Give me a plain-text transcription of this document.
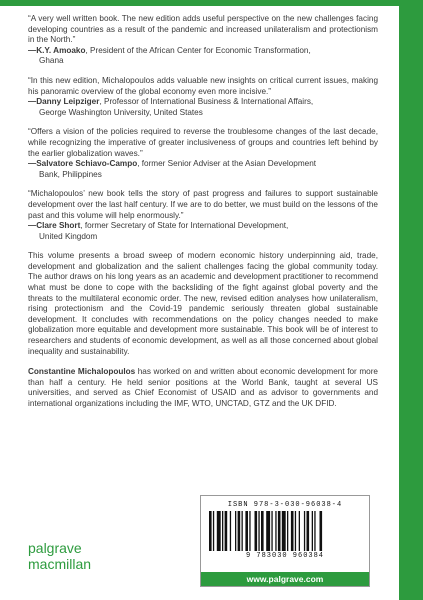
“A very well written book. The new edition adds useful perspective on the new challenges facing developing countries as a result of the pandemic and increased unilateralism and protectionism in the North.”
—K.Y. Amoako, President of the African Center for Economic Transformation,
Ghana
“In this new edition, Michalopoulos adds valuable new insights on critical current issues, making his panoramic overview of the global economy even more incisive.”
—Danny Leipziger, Professor of International Business & International Affairs,
George Washington University, United States
“Offers a vision of the policies required to reverse the troublesome changes of the last decade, while recognizing the imperative of greater inclusiveness of groups and countries left behind by the earlier globalization waves.”
—Salvatore Schiavo-Campo, former Senior Adviser at the Asian Development
Bank, Philippines
“Michalopoulos’ new book tells the story of past progress and failures to support sustainable development over the last half century. If we are to do better, we must build on the lessons of the past and this volume will help enormously.”
—Clare Short, former Secretary of State for International Development,
United Kingdom

This volume presents a broad sweep of modern economic history underpinning aid, trade, development and globalization and the salient challenges facing the global community today. The author draws on his long years as an academic and development practitioner to recommend what must be done to cope with the backsliding of the fight against global poverty and the threats to the multilateral economic order. The new, revised edition analyses how unilateralism, rising protectionism and the Covid-19 pandemic seriously threaten global sustainable development. It concludes with recommendations on the policy changes needed to make globalization more equitable and development more sustainable. This book will be of interest to researchers and students of economic development, as well as all those concerned about global inequality and sustainability.

Constantine Michalopoulos has worked on and written about economic development for more than half a century. He held senior positions at the World Bank, taught at several US universities, and served as Chief Economist of USAID and as advisor to governments and international organizations including the IMF, WTO, UNCTAD, GTZ and the UK DFID.

palgrave
macmillan
ISBN 978-3-030-96038-4
9 783030 960384
www.palgrave.com
